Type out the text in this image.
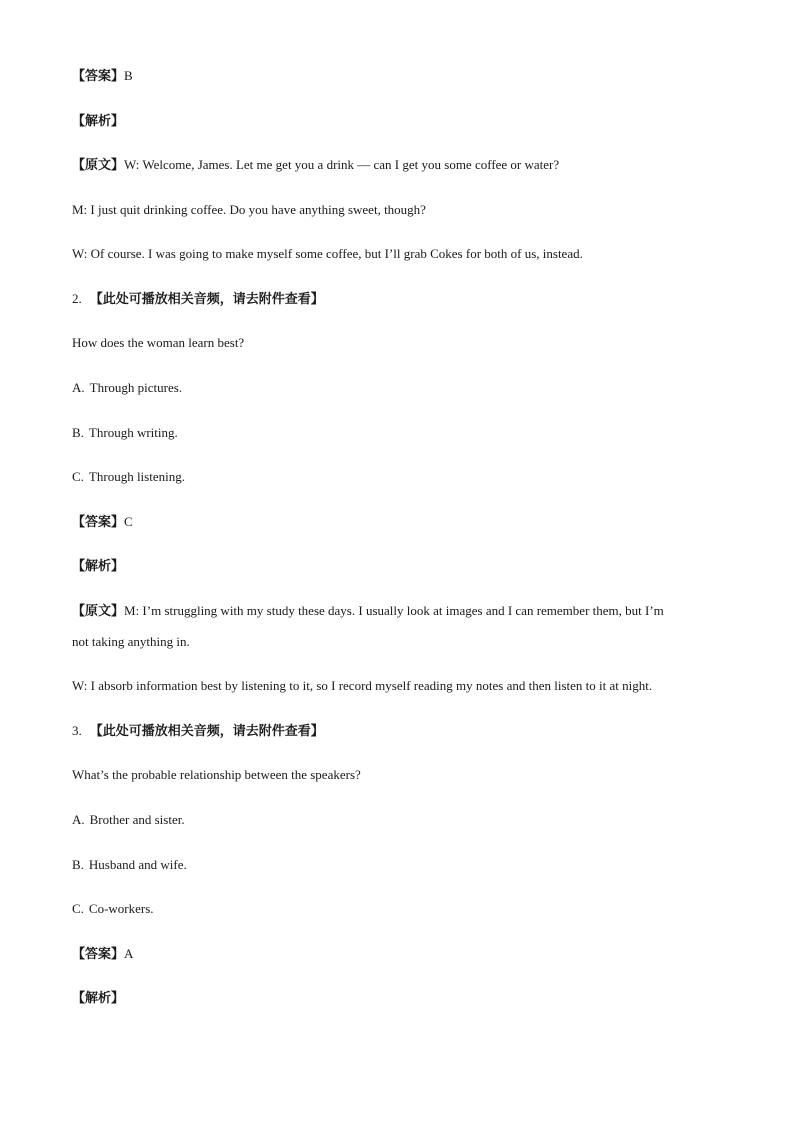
【答案】B
【解析】
【原文】W: Welcome, James. Let me get you a drink — can I get you some coffee or water?
M: I just quit drinking coffee. Do you have anything sweet, though?
W: Of course. I was going to make myself some coffee, but I’ll grab Cokes for both of us, instead.
2. 【此处可播放相关音频，请去附件查看】
How does the woman learn best?
A. Through pictures.
B. Through writing.
C. Through listening.
【答案】C
【解析】
【原文】M: I’m struggling with my study these days. I usually look at images and I can remember them, but I’m
not taking anything in.
W: I absorb information best by listening to it, so I record myself reading my notes and then listen to it at night.
3. 【此处可播放相关音频，请去附件查看】
What’s the probable relationship between the speakers?
A. Brother and sister.
B. Husband and wife.
C. Co-workers.
【答案】A
【解析】
